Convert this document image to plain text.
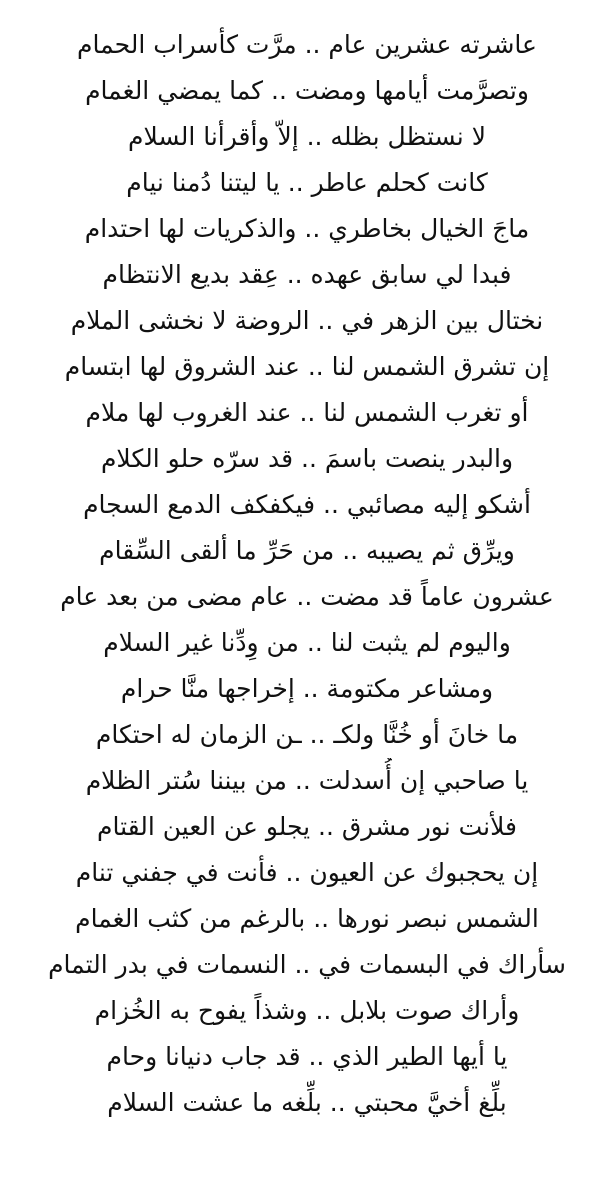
عاشرته عشرين عام .. مرَّت كأسراب الحمام
وتصرَّمت أيامها ومضت .. كما يمضي الغمام
لا نستظل بظله .. إلاّ وأقرأنا السلام
كانت كحلم عاطر .. يا ليتنا دُمنا نيام
ماجَ الخيال بخاطري .. والذكريات لها احتدام
فبدا لي سابق عهده .. عِقد بديع الانتظام
نختال بين الزهر في .. الروضة لا نخشى الملام
إن تشرق الشمس لنا .. عند الشروق لها ابتسام
أو تغرب الشمس لنا .. عند الغروب لها ملام
والبدر ينصت باسمَ .. قد سرّه حلو الكلام
أشكو إليه مصائبي .. فيكفكف الدمع السجام
ويرِّق ثم يصيبه .. من حَرِّ ما ألقى السِّقام
عشرون عاماً قد مضت .. عام مضى من بعد عام
واليوم لم يثبت لنا .. من وِدِّنا غير السلام
ومشاعر مكتومة .. إخراجها منَّا حرام
ما خانَ أو خُنَّا ولكـ .. ـن الزمان له احتكام
يا صاحبي إن أُسدلت .. من بيننا سُتر الظلام
فلأنت نور مشرق .. يجلو عن العين القتام
إن يحجبوك عن العيون .. فأنت في جفني تنام
الشمس نبصر نورها .. بالرغم من كثب الغمام
سأراك في البسمات في .. النسمات في بدر التمام
وأراك صوت بلابل .. وشذاً يفوح به الخُزام
يا أيها الطير الذي .. قد جاب دنيانا وحام
بلِّغ أخيَّ محبتي .. بلِّغه ما عشت السلام
